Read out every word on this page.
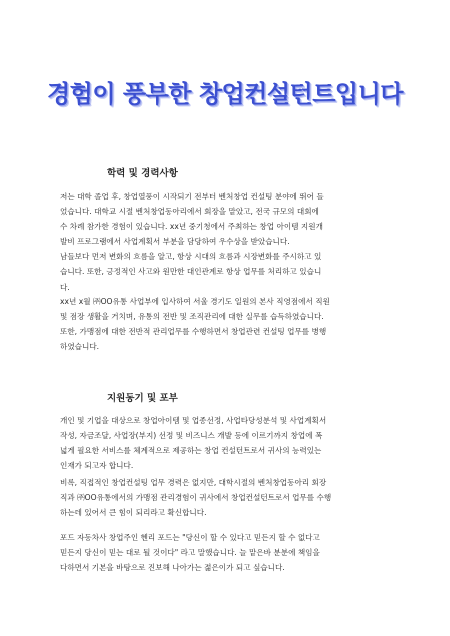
경험이 풍부한 창업컨설턴트입니다
학력 및 경력사항
저는 대학 졸업 후, 창업열풍이 시작되기 전부터 벤처창업 컨설팅 분야에 뛰어 들
었습니다. 대학교 시절 벤처창업동아리에서 회장을 맡았고, 전국 규모의 대회에
수 차례 참가한 경험이 있습니다. xx년 중기청에서 주최하는 창업 아이템 지원개
발비 프로그램에서 사업계획서 부분을 담당하여 우수상을 받았습니다.
남들보다 먼저 변화의 흐름을 알고, 항상 시대의 흐름과 시장변화를 주시하고 있
습니다. 또한, 긍정적인 사고와 원만한 대인관계로 항상 업무를 처리하고 있습니
다.
xx년 x월 ㈜OO유통 사업부에 입사하여 서울 경기도 일원의 본사 직영점에서 직원
및 점장 생활을 거치며, 유통의 전반 및 조직관리에 대한 실무를 습득하였습니다.
또한, 가맹점에 대한 전반적 관리업무를 수행하면서 창업관련 컨설팅 업무를 병행
하였습니다.
지원동기 및 포부
개인 및 기업을 대상으로 창업아이템 및 업종선정, 사업타당성분석 및 사업계획서
작성, 자금조달, 사업장(부지) 선정 및 비즈니스 개발 등에 이르기까지 창업에 폭
넓게 필요한 서비스를 체계적으로 제공하는 창업 컨설턴트로서 귀사의 능력있는
인재가 되고자 합니다.
비록, 직접적인 창업컨설팅 업무 경력은 없지만, 대학시절의 벤처창업동아리 회장
직과 ㈜OO유통에서의 가맹점 관리경험이 귀사에서 창업컨설턴트로서 업무를 수행
하는데 있어서 큰 힘이 되리라고 확신합니다.
포드 자동차사 창업주인 헨리 포드는 "당신이 할 수 있다고 믿든지 할 수 없다고
믿든지 당신이 믿는 대로 될 것이다" 라고 말했습니다. 늘 맡은바 분분에 책임을
다하면서 기본을 바탕으로 진보해 나아가는 젊은이가 되고 싶습니다.
